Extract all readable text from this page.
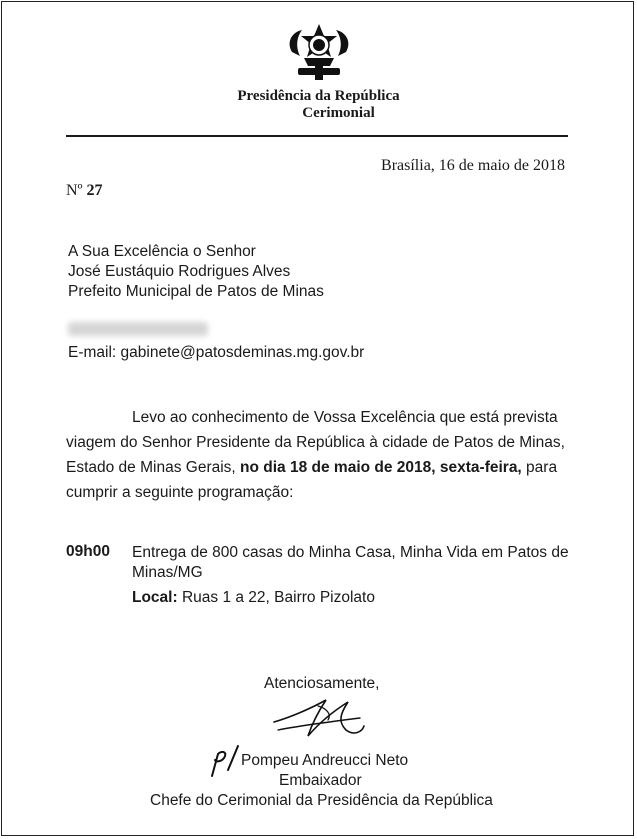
Presidência da República
Cerimonial
Brasília, 16 de maio de 2018
Nº 27
A Sua Excelência o Senhor
José Eustáquio Rodrigues Alves
Prefeito Municipal de Patos de Minas
E-mail: gabinete@patosdeminas.mg.gov.br
Levo ao conhecimento de Vossa Excelência que está prevista
viagem do Senhor Presidente da República à cidade de Patos de Minas,
Estado de Minas Gerais, no dia 18 de maio de 2018, sexta-feira, para
cumprir a seguinte programação:
09h00 Entrega de 800 casas do Minha Casa, Minha Vida em Patos de
Minas/MG
Local: Ruas 1 a 22, Bairro Pizolato
Atenciosamente,
Pompeu Andreucci Neto
Embaixador
Chefe do Cerimonial da Presidência da República
